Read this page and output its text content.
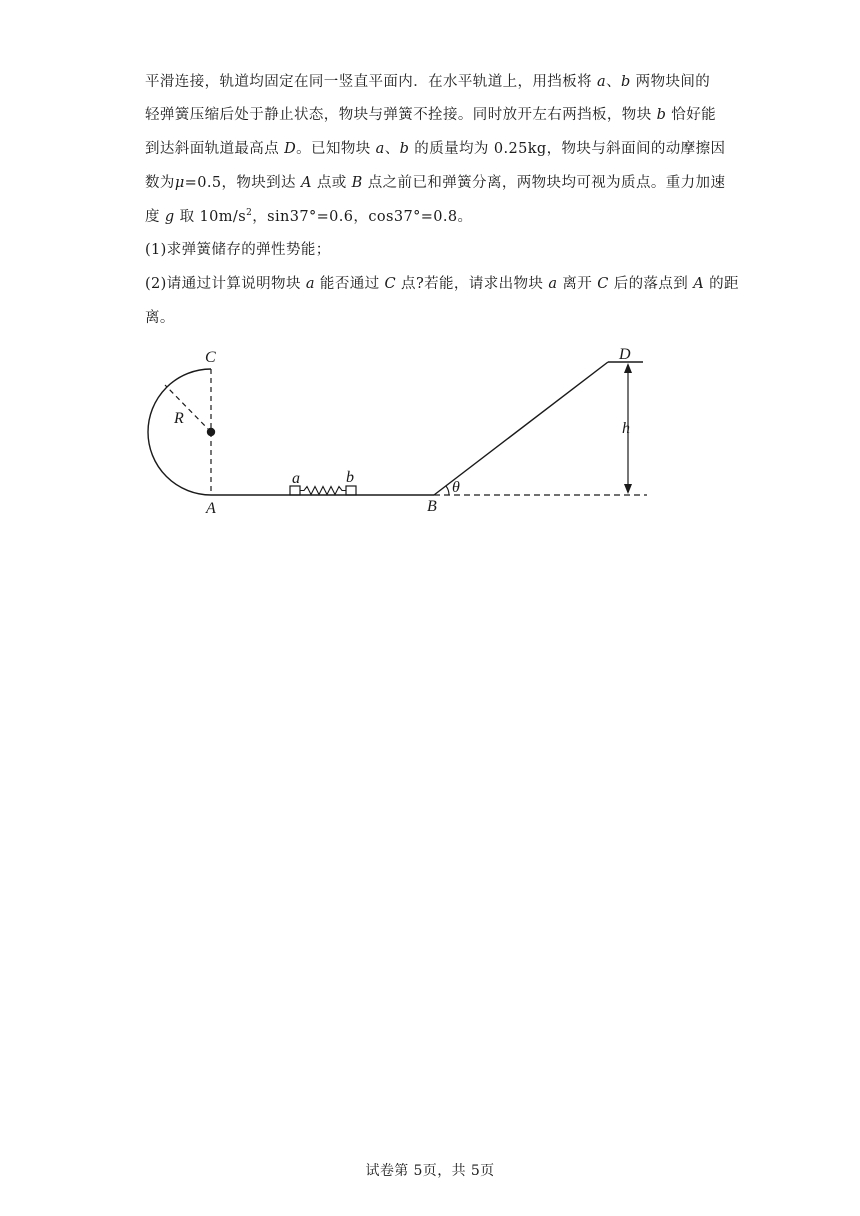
平滑连接，轨道均固定在同一竖直平面内．在水平轨道上，用挡板将 a、b 两物块间的
轻弹簧压缩后处于静止状态，物块与弹簧不拴接。同时放开左右两挡板，物块 b 恰好能
到达斜面轨道最高点 D。已知物块 a、b 的质量均为 0.25kg，物块与斜面间的动摩擦因
数为μ=0.5，物块到达 A 点或 B 点之前已和弹簧分离，两物块均可视为质点。重力加速
度 g 取 $10m/s^2$，sin37°=0.6，cos37°=0.8。
(1)求弹簧储存的弹性势能；
(2)请通过计算说明物块 a 能否通过 C 点?若能，请求出物块 a 离开 C 后的落点到 A 的距
离。
C
R
A
a	b
B
θ
D
h
试卷第 5页，共 5页
